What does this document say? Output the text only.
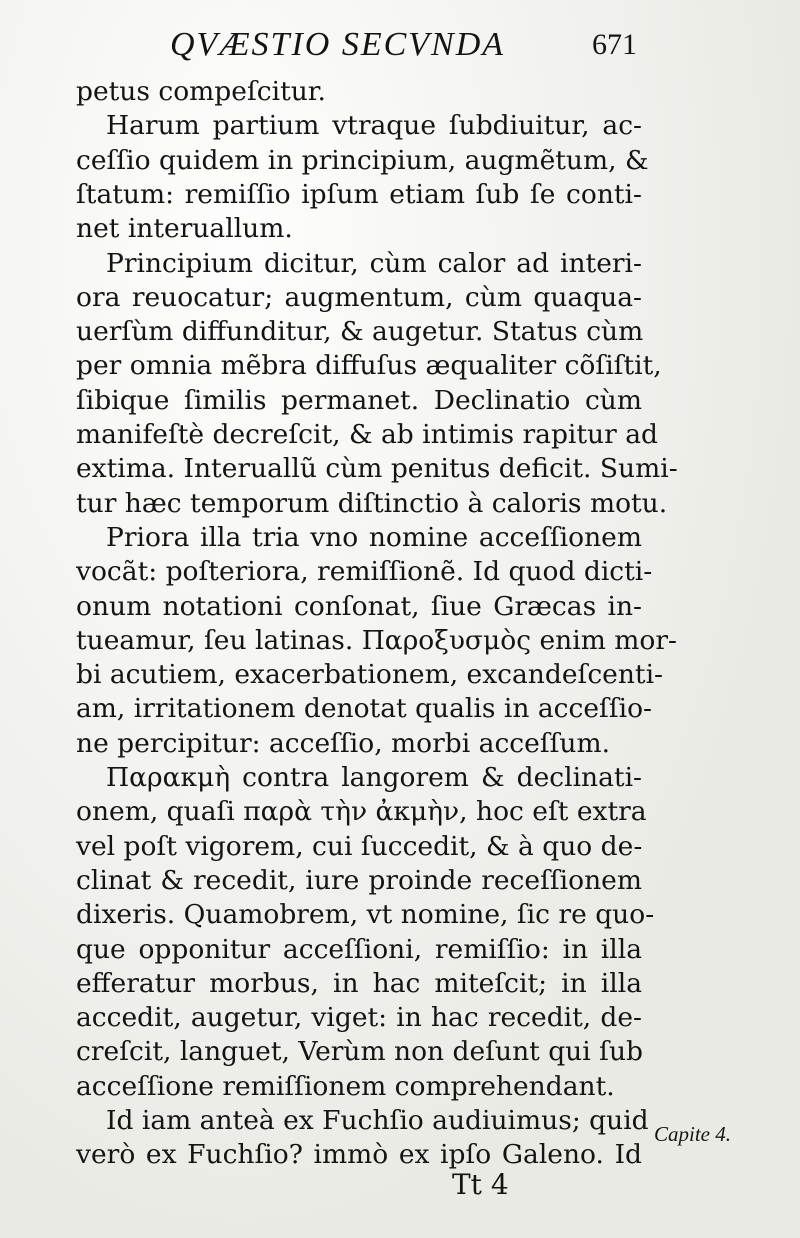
QVÆSTIO SECVNDA	671
petus compeſcitur.
Harum partium vtraque ſubdiuitur, ac-
ceſſio quidem in principium, augmẽtum, &
ſtatum: remiſſio ipſum etiam ſub ſe conti-
net interuallum.
Principium dicitur, cùm calor ad interi-
ora reuocatur; augmentum, cùm quaqua-
uerſùm diffunditur, & augetur. Status cùm
per omnia mẽbra diffuſus æqualiter cõſiſtit,
ſibique ſimilis permanet. Declinatio cùm
manifeſtè decreſcit, & ab intimis rapitur ad
extima. Interuallũ cùm penitus deficit. Sumi-
tur hæc temporum diſtinctio à caloris motu.
Priora illa tria vno nomine acceſſionem
vocãt: poſteriora, remiſſionẽ. Id quod dicti-
onum notationi conſonat, ſiue Græcas in-
tueamur, ſeu latinas. Παροξυσμὸς enim mor-
bi acutiem, exacerbationem, excandeſcenti-
am, irritationem denotat qualis in acceſſio-
ne percipitur: acceſſio, morbi acceſſum.
Παρακμὴ contra langorem & declinati-
onem, quaſi παρὰ τὴν ἀκμὴν, hoc eſt extra
vel poſt vigorem, cui ſuccedit, & à quo de-
clinat & recedit, iure proinde receſſionem
dixeris. Quamobrem, vt nomine, ſic re quo-
que opponitur acceſſioni, remiſſio: in illa
efferatur morbus, in hac miteſcit; in illa
accedit, augetur, viget: in hac recedit, de-
creſcit, languet, Verùm non deſunt qui ſub
acceſſione remiſſionem comprehendant.
Id iam anteà ex Fuchſio audiuimus; quid
verò ex Fuchſio? immò ex ipſo Galeno. Id
Capite 4.
Tt 4
